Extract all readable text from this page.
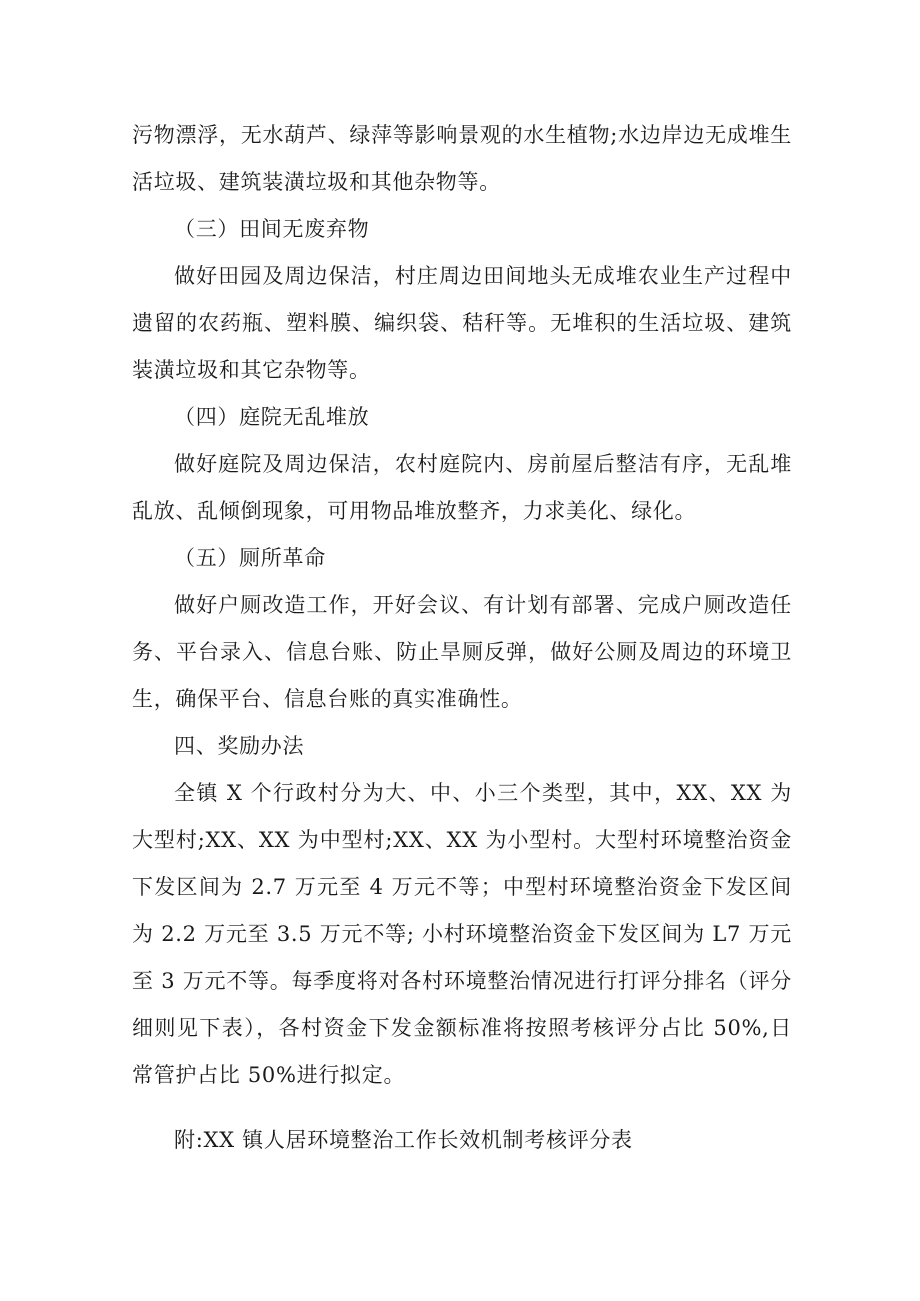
污物漂浮，无水葫芦、绿萍等影响景观的水生植物;水边岸边无成堆生活垃圾、建筑装潢垃圾和其他杂物等。

（三）田间无废弃物

做好田园及周边保洁，村庄周边田间地头无成堆农业生产过程中遗留的农药瓶、塑料膜、编织袋、秸秆等。无堆积的生活垃圾、建筑装潢垃圾和其它杂物等。

（四）庭院无乱堆放

做好庭院及周边保洁，农村庭院内、房前屋后整洁有序，无乱堆乱放、乱倾倒现象，可用物品堆放整齐，力求美化、绿化。

（五）厕所革命

做好户厕改造工作，开好会议、有计划有部署、完成户厕改造任务、平台录入、信息台账、防止旱厕反弹，做好公厕及周边的环境卫生，确保平台、信息台账的真实准确性。

四、奖励办法

全镇 X 个行政村分为大、中、小三个类型，其中，XX、XX 为大型村;XX、XX 为中型村;XX、XX 为小型村。大型村环境整治资金下发区间为 2.7 万元至 4 万元不等；中型村环境整治资金下发区间为 2.2 万元至 3.5 万元不等; 小村环境整治资金下发区间为 L7 万元至 3 万元不等。每季度将对各村环境整治情况进行打评分排名（评分细则见下表），各村资金下发金额标准将按照考核评分占比 50%,日常管护占比 50%进行拟定。

附:XX 镇人居环境整治工作长效机制考核评分表
